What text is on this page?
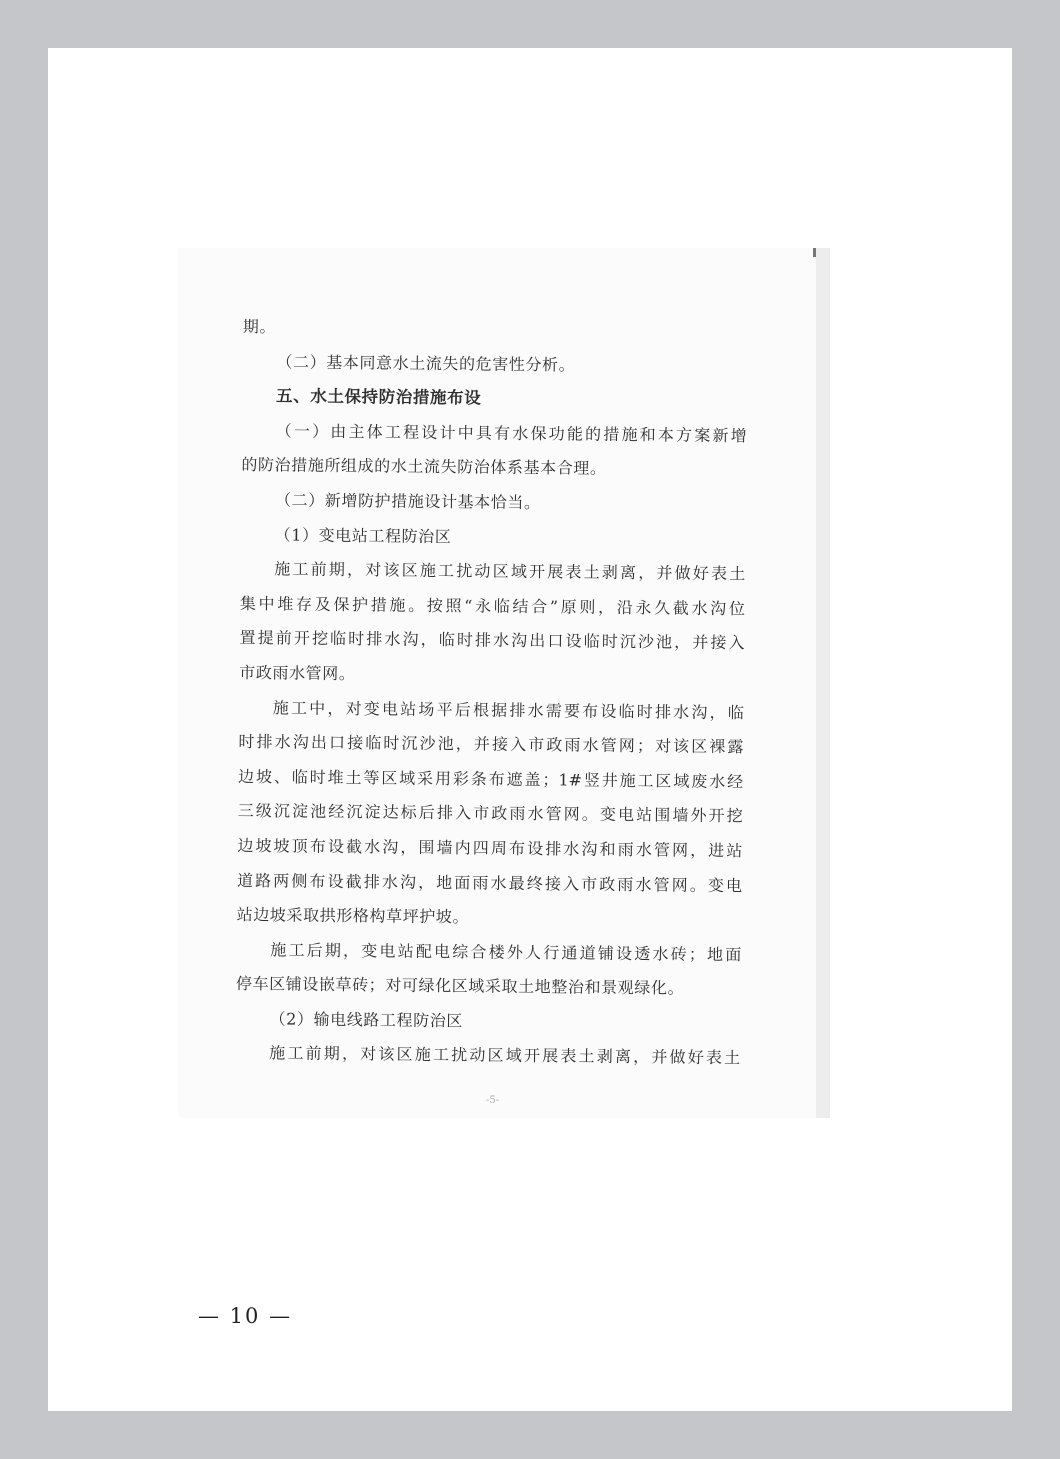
期。
（二）基本同意水土流失的危害性分析。
五、水土保持防治措施布设
（一）由主体工程设计中具有水保功能的措施和本方案新增
的防治措施所组成的水土流失防治体系基本合理。
（二）新增防护措施设计基本恰当。
（1）变电站工程防治区
施工前期，对该区施工扰动区域开展表土剥离，并做好表土
集中堆存及保护措施。按照“永临结合”原则，沿永久截水沟位
置提前开挖临时排水沟，临时排水沟出口设临时沉沙池，并接入
市政雨水管网。
施工中，对变电站场平后根据排水需要布设临时排水沟，临
时排水沟出口接临时沉沙池，并接入市政雨水管网；对该区裸露
边坡、临时堆土等区域采用彩条布遮盖；1#竖井施工区域废水经
三级沉淀池经沉淀达标后排入市政雨水管网。变电站围墙外开挖
边坡坡顶布设截水沟，围墙内四周布设排水沟和雨水管网，进站
道路两侧布设截排水沟，地面雨水最终接入市政雨水管网。变电
站边坡采取拱形格构草坪护坡。
施工后期，变电站配电综合楼外人行通道铺设透水砖；地面
停车区铺设嵌草砖；对可绿化区域采取土地整治和景观绿化。
（2）输电线路工程防治区
施工前期，对该区施工扰动区域开展表土剥离，并做好表土
-5-
— 10 —
